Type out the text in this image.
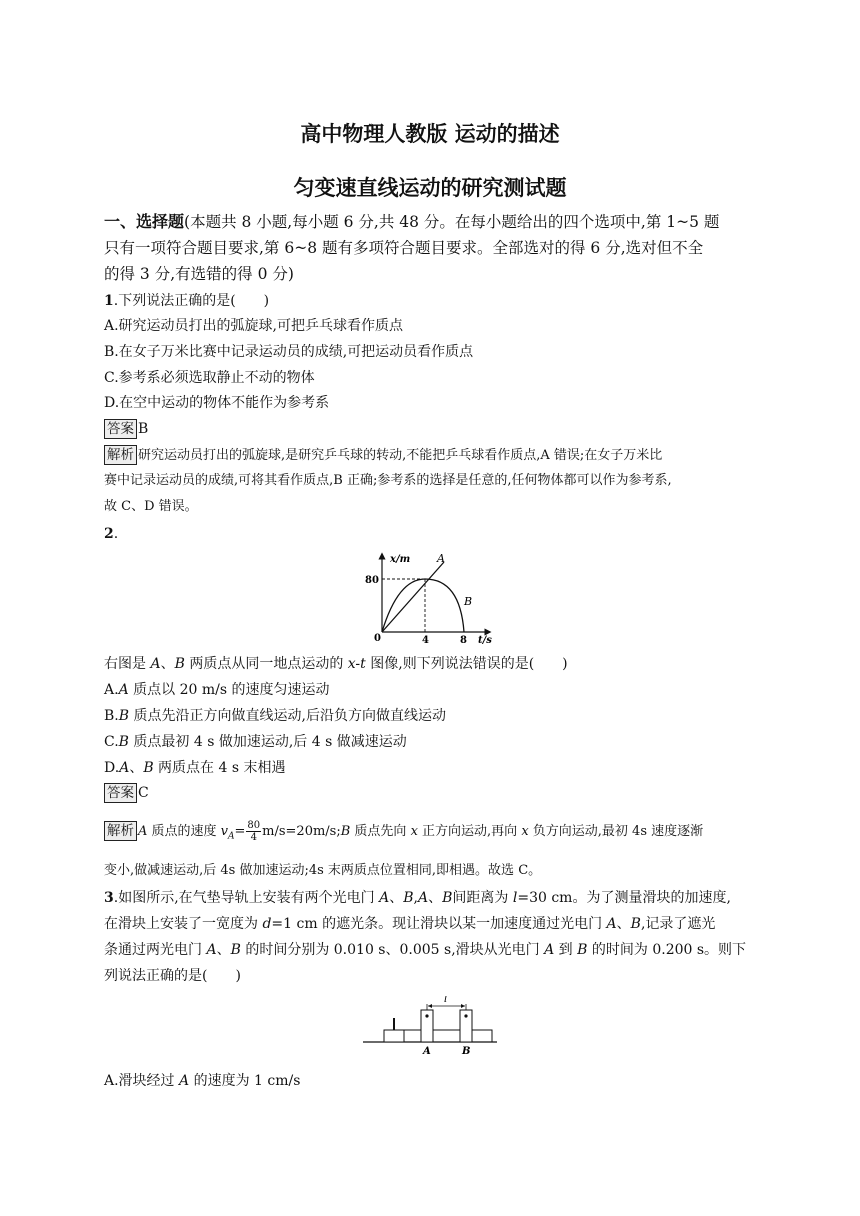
高中物理人教版 运动的描述
匀变速直线运动的研究测试题
一、选择题(本题共 8 小题,每小题 6 分,共 48 分。在每小题给出的四个选项中,第 1~5 题
只有一项符合题目要求,第 6~8 题有多项符合题目要求。全部选对的得 6 分,选对但不全
的得 3 分,有选错的得 0 分)
1.下列说法正确的是(　　)
A.研究运动员打出的弧旋球,可把乒乓球看作质点
B.在女子万米比赛中记录运动员的成绩,可把运动员看作质点
C.参考系必须选取静止不动的物体
D.在空中运动的物体不能作为参考系
答案 B
解析 研究运动员打出的弧旋球,是研究乒乓球的转动,不能把乒乓球看作质点,A 错误;在女子万米比
赛中记录运动员的成绩,可将其看作质点,B 正确;参考系的选择是任意的,任何物体都可以作为参考系,
故 C、D 错误。
2.
x/m
t/s
80
0	4	8
A
B
右图是 A、B 两质点从同一地点运动的 x-t 图像,则下列说法错误的是(　　)
A.A 质点以 20 m/s 的速度匀速运动
B.B 质点先沿正方向做直线运动,后沿负方向做直线运动
C.B 质点最初 4 s 做加速运动,后 4 s 做减速运动
D.A、B 两质点在 4 s 末相遇
答案 C
解析 A 质点的速度 $v_A= \frac{80}{4}$ m/s=20m/s;B 质点先向 x 正方向运动,再向 x 负方向运动,最初 4s 速度逐渐
变小,做减速运动,后 4s 做加速运动;4s 末两质点位置相同,即相遇。故选 C。
3.如图所示,在气垫导轨上安装有两个光电门 A、B,A、B间距离为 l=30 cm。为了测量滑块的加速度,
在滑块上安装了一宽度为 d=1 cm 的遮光条。现让滑块以某一加速度通过光电门 A、B,记录了遮光
条通过两光电门 A、B 的时间分别为 0.010 s、0.005 s,滑块从光电门 A 到 B 的时间为 0.200 s。则下
列说法正确的是(　　)
l
A	B
A.滑块经过 A 的速度为 1 cm/s
